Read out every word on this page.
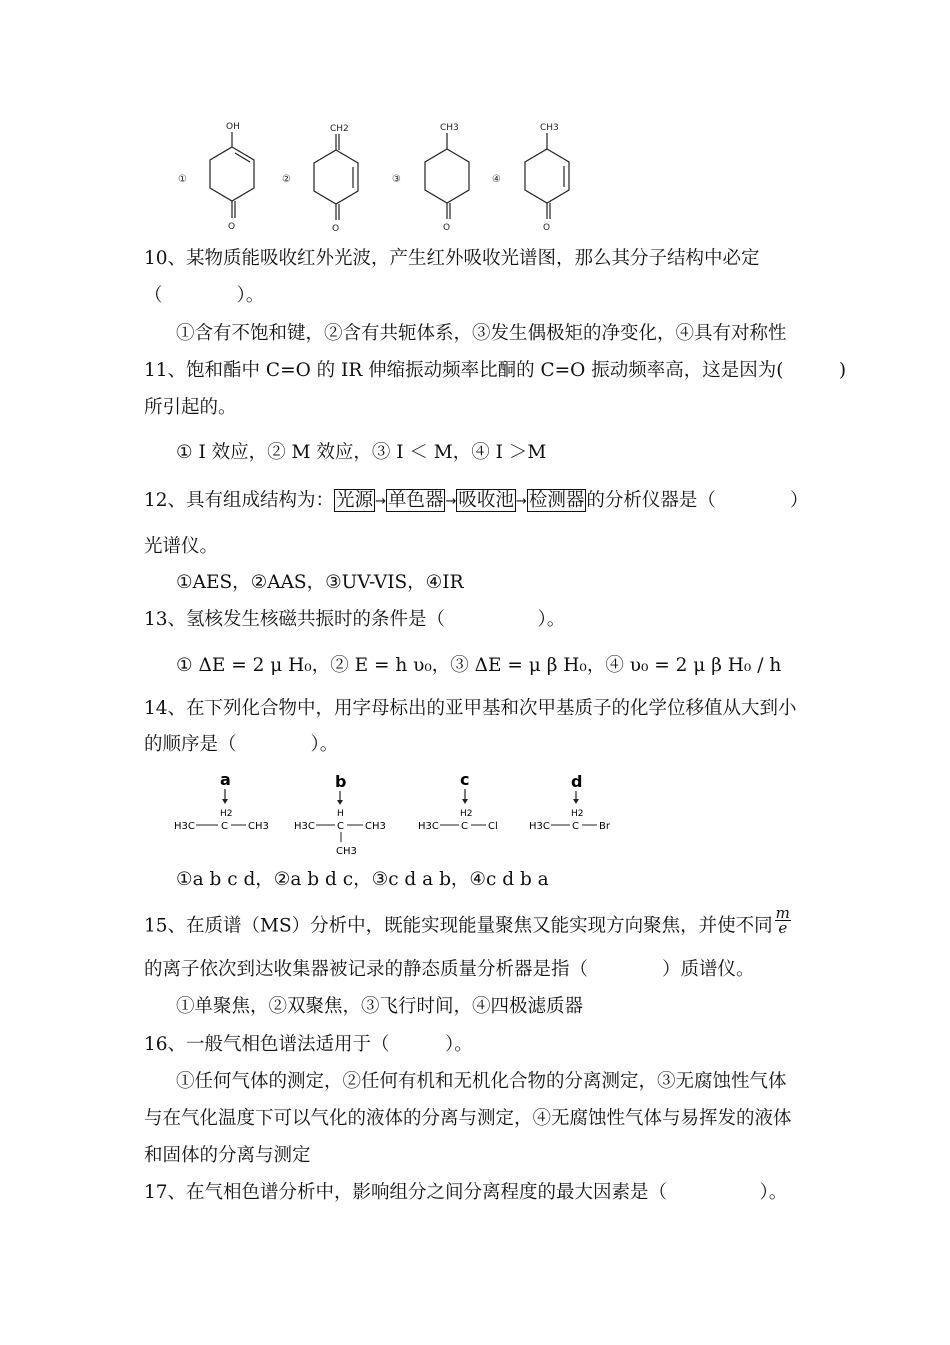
①
OH
O
②
CH2
O
③
CH3
O
④
CH3
O
10、某物质能吸收红外光波，产生红外吸收光谱图，那么其分子结构中必定
（　　　　）。
①含有不饱和键，②含有共轭体系，③发生偶极矩的净变化，④具有对称性
11、饱和酯中 C=O 的 IR 伸缩振动频率比酮的 C=O 振动频率高，这是因为(　　　)
所引起的。
① I 效应，② M 效应，③ I ＜ M，④ I ＞M
12、具有组成结构为： 光源 → 单色器 → 吸收池 → 检测器 的分析仪器是（　　　　）
光谱仪。
①AES，②AAS，③UV-VIS，④IR
13、氢核发生核磁共振时的条件是（　　　　　）。
① ΔE = 2 μ H₀，② E = h υ₀，③ ΔE = μ β H₀，④ υ₀ = 2 μ β H₀ / h
14、在下列化合物中，用字母标出的亚甲基和次甲基质子的化学位移值从大到小
的顺序是（　　　　）。
a
H2
H3C	C CH3
b
H
H3C C CH3
CH3
c
H2
H3C C Cl
d
H2
H3C C Br
①a b c d，②a b d c，③c d a b，④c d b a
15、在质谱（MS）分析中，既能实现能量聚焦又能实现方向聚焦，并使不同 $\frac{m}{e}$
的离子依次到达收集器被记录的静态质量分析器是指（　　　　）质谱仪。
①单聚焦，②双聚焦，③飞行时间，④四极滤质器
16、一般气相色谱法适用于（　　　）。
①任何气体的测定，②任何有机和无机化合物的分离测定，③无腐蚀性气体
与在气化温度下可以气化的液体的分离与测定，④无腐蚀性气体与易挥发的液体
和固体的分离与测定
17、在气相色谱分析中，影响组分之间分离程度的最大因素是（　　　　　）。
